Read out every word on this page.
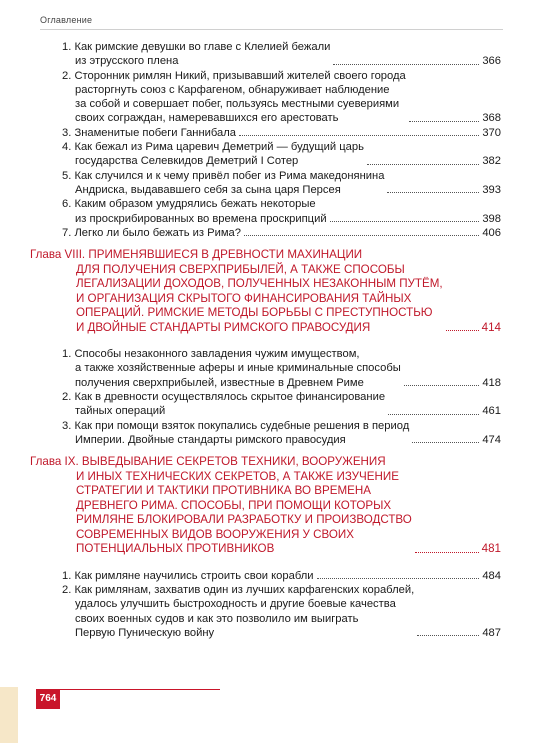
Оглавление
1. Как римские девушки во главе с Клелией бежали
из этрусского плена	366
2. Сторонник римлян Никий, призывавший жителей своего города
расторгнуть союз с Карфагеном, обнаруживает наблюдение
за собой и совершает побег, пользуясь местными суевериями
своих сограждан, намеревавшихся его арестовать	368
3. Знаменитые побеги Ганнибала	370
4. Как бежал из Рима царевич Деметрий — будущий царь
государства Селевкидов Деметрий I Сотер	382
5. Как случился и к чему привёл побег из Рима македонянина
Андриска, выдававшего себя за сына царя Персея	393
6. Каким образом умудрялись бежать некоторые
из проскрибированных во времена проскрипций	398
7. Легко ли было бежать из Рима?	406
Глава VIII. ПРИМЕНЯВШИЕСЯ В ДРЕВНОСТИ МАХИНАЦИИ
ДЛЯ ПОЛУЧЕНИЯ СВЕРХПРИБЫЛЕЙ, А ТАКЖЕ СПОСОБЫ
ЛЕГАЛИЗАЦИИ ДОХОДОВ, ПОЛУЧЕННЫХ НЕЗАКОННЫМ ПУТЁМ,
И ОРГАНИЗАЦИЯ СКРЫТОГО ФИНАНСИРОВАНИЯ ТАЙНЫХ
ОПЕРАЦИЙ. РИМСКИЕ МЕТОДЫ БОРЬБЫ С ПРЕСТУПНОСТЬЮ
И ДВОЙНЫЕ СТАНДАРТЫ РИМСКОГО ПРАВОСУДИЯ	414
1. Способы незаконного завладения чужим имуществом,
а также хозяйственные аферы и иные криминальные способы
получения сверхприбылей, известные в Древнем Риме	418
2. Как в древности осуществлялось скрытое финансирование
тайных операций	461
3. Как при помощи взяток покупались судебные решения в период
Империи. Двойные стандарты римского правосудия	474
Глава IX. ВЫВЕДЫВАНИЕ СЕКРЕТОВ ТЕХНИКИ, ВООРУЖЕНИЯ
И ИНЫХ ТЕХНИЧЕСКИХ СЕКРЕТОВ, А ТАКЖЕ ИЗУЧЕНИЕ
СТРАТЕГИИ И ТАКТИКИ ПРОТИВНИКА ВО ВРЕМЕНА
ДРЕВНЕГО РИМА. СПОСОБЫ, ПРИ ПОМОЩИ КОТОРЫХ
РИМЛЯНЕ БЛОКИРОВАЛИ РАЗРАБОТКУ И ПРОИЗВОДСТВО
СОВРЕМЕННЫХ ВИДОВ ВООРУЖЕНИЯ У СВОИХ
ПОТЕНЦИАЛЬНЫХ ПРОТИВНИКОВ	481
1. Как римляне научились строить свои корабли	484
2. Как римлянам, захватив один из лучших карфагенских кораблей,
удалось улучшить быстроходность и другие боевые качества
своих военных судов и как это позволило им выиграть
Первую Пуническую войну	487
764
